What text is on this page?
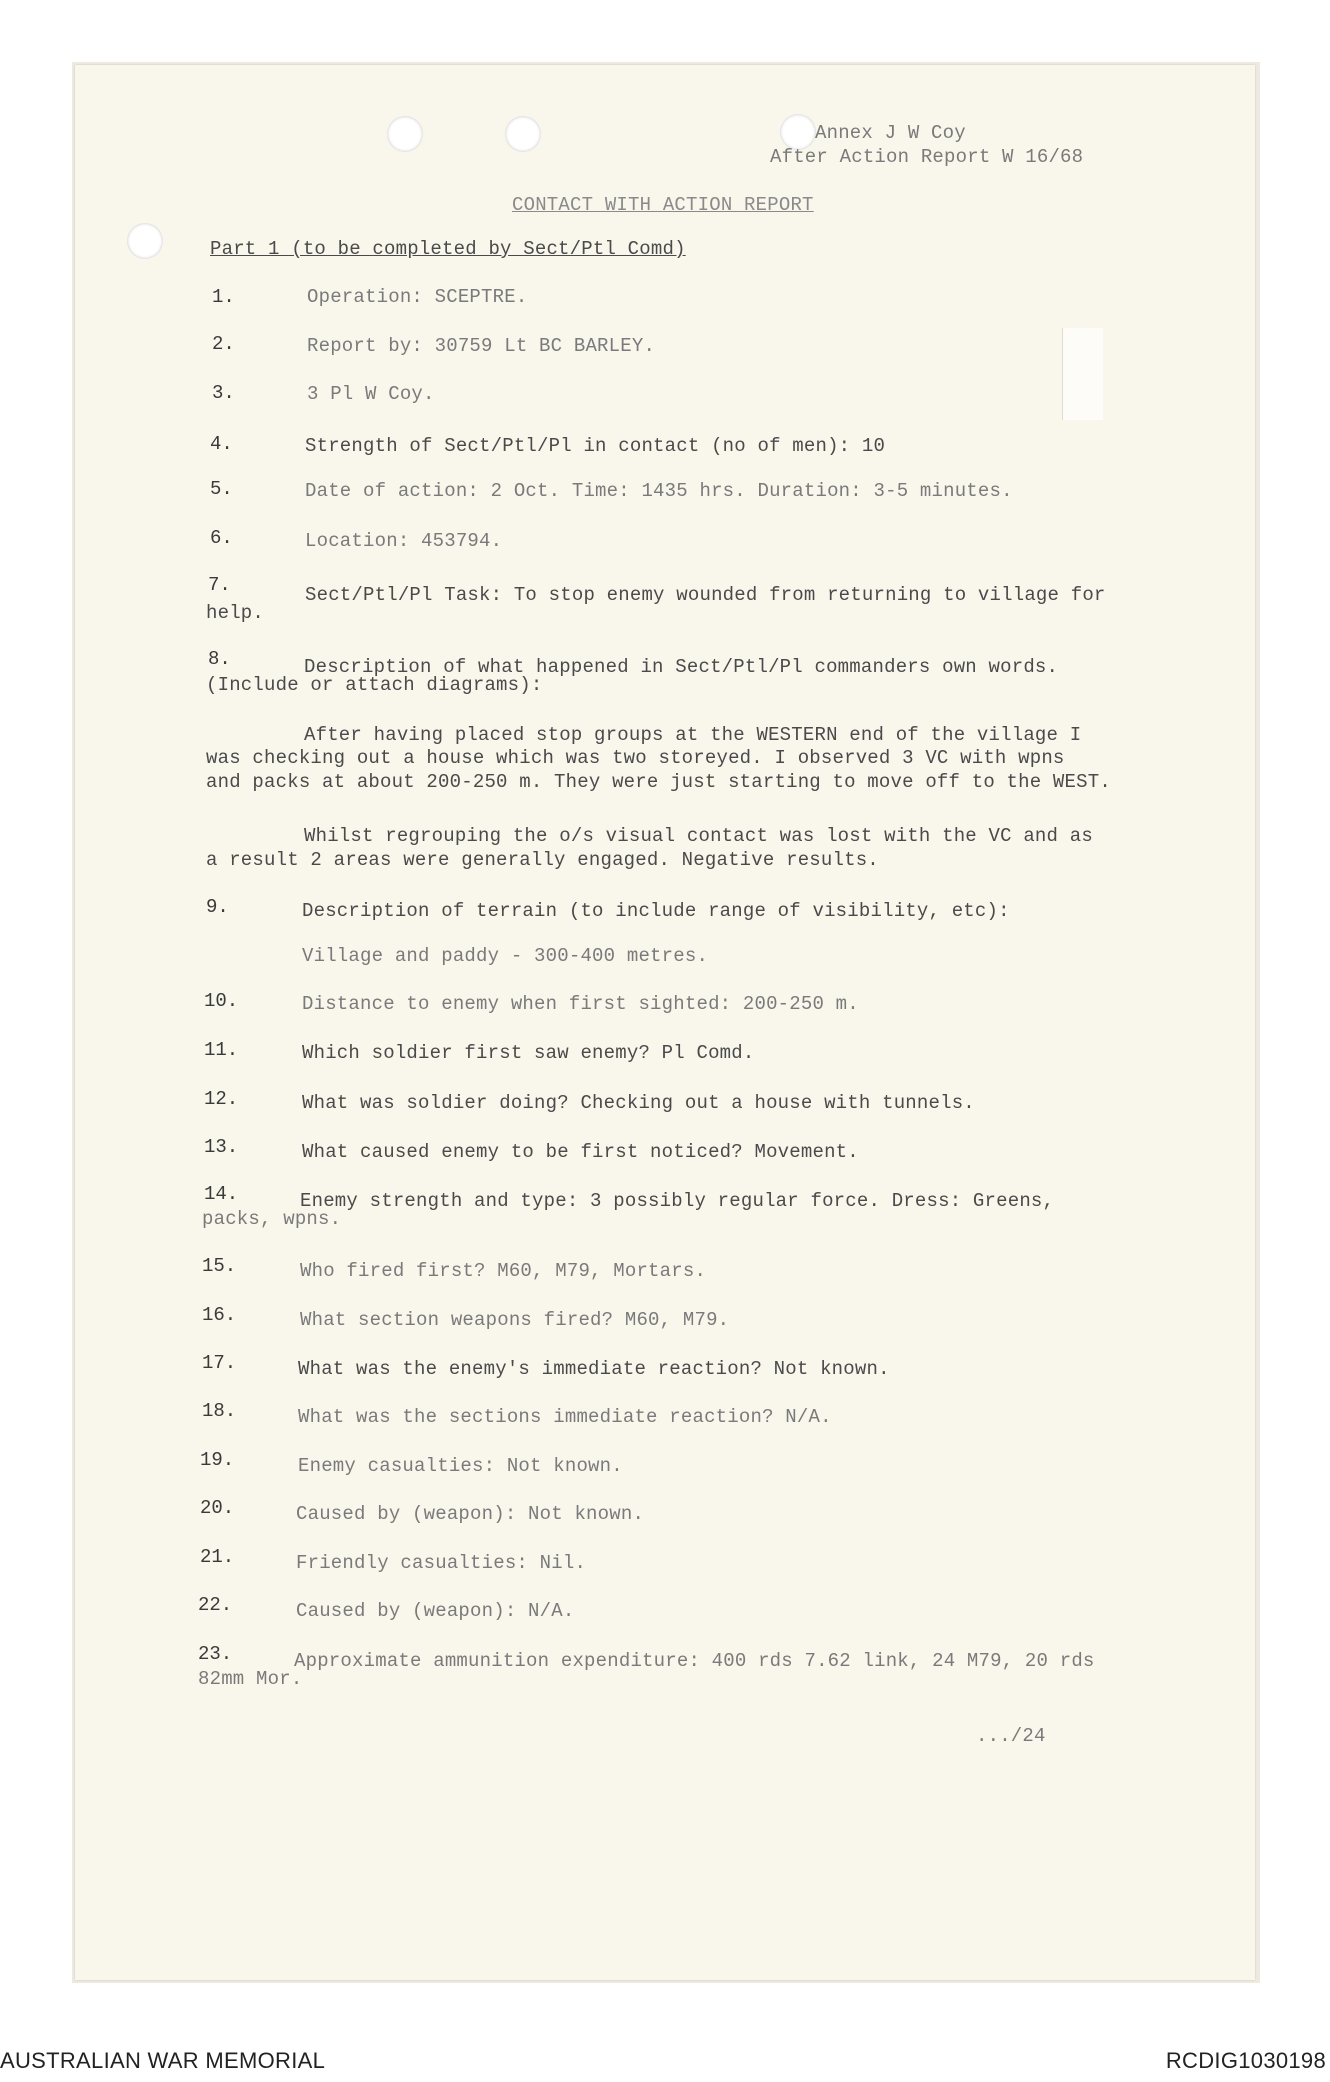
Annex J W Coy
After Action Report W 16/68
CONTACT WITH ACTION REPORT
Part 1 (to be completed by Sect/Ptl Comd)
1.	Operation: SCEPTRE.
2.	Report by: 30759 Lt BC BARLEY.
3.	3 Pl W Coy.
4.	Strength of Sect/Ptl/Pl in contact (no of men): 10
5.	Date of action: 2 Oct. Time: 1435 hrs. Duration: 3-5 minutes.
6.	Location: 453794.
7.	Sect/Ptl/Pl Task: To stop enemy wounded from returning to village for
help.
8.	Description of what happened in Sect/Ptl/Pl commanders own words.
(Include or attach diagrams):
After having placed stop groups at the WESTERN end of the village I
was checking out a house which was two storeyed. I observed 3 VC with wpns
and packs at about 200-250 m. They were just starting to move off to the WEST.
Whilst regrouping the o/s visual contact was lost with the VC and as
a result 2 areas were generally engaged. Negative results.
9.	Description of terrain (to include range of visibility, etc):
Village and paddy - 300-400 metres.
10.	Distance to enemy when first sighted: 200-250 m.
11.	Which soldier first saw enemy? Pl Comd.
12.	What was soldier doing? Checking out a house with tunnels.
13.	What caused enemy to be first noticed? Movement.
14.	Enemy strength and type: 3 possibly regular force. Dress: Greens,
packs, wpns.
15.	Who fired first? M60, M79, Mortars.
16.	What section weapons fired? M60, M79.
17.	What was the enemy's immediate reaction? Not known.
18.	What was the sections immediate reaction? N/A.
19.	Enemy casualties: Not known.
20.	Caused by (weapon): Not known.
21.	Friendly casualties: Nil.
22.	Caused by (weapon): N/A.
23.	Approximate ammunition expenditure: 400 rds 7.62 link, 24 M79, 20 rds
82mm Mor.
.../24
AUSTRALIAN WAR MEMORIAL	RCDIG1030198
